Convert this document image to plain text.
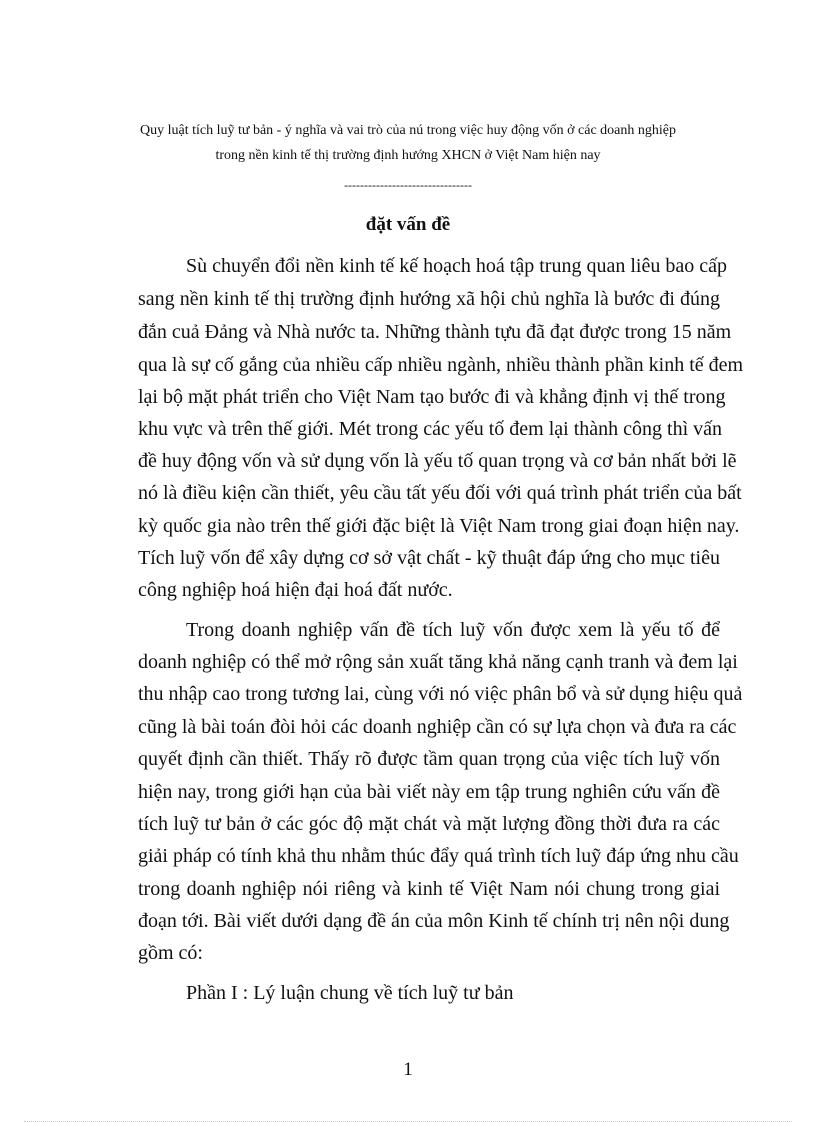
Quy luật tích luỹ tư bản - ý nghĩa và vai trò của nú trong việc huy động vốn ở các doanh nghiệp
trong nền kinh tế thị trường định hướng XHCN ở Việt Nam hiện nay
--------------------------------
đặt vấn đề
Sù chuyển đổi nền kinh tế kế hoạch hoá tập trung quan liêu bao cấp
sang nền kinh tế thị trường định hướng xã hội chủ nghĩa là bước đi đúng
đắn cuả Đảng và Nhà nước ta. Những thành tựu đã đạt được trong 15 năm
qua là sự cố gắng của nhiều cấp nhiều ngành, nhiều thành phần kinh tế đem
lại bộ mặt phát triển cho Việt Nam tạo bước đi và khẳng định vị thế trong
khu vực và trên thế giới. Mét trong các yếu tố đem lại thành công thì vấn
đề huy động vốn và sử dụng vốn là yếu tố quan trọng và cơ bản nhất bởi lẽ
nó là điều kiện cần thiết, yêu cầu tất yếu đối với quá trình phát triển của bất
kỳ quốc gia nào trên thế giới đặc biệt là Việt Nam trong giai đoạn hiện nay.
Tích luỹ vốn để xây dựng cơ sở vật chất - kỹ thuật đáp ứng cho mục tiêu
công nghiệp hoá hiện đại hoá đất nước.
Trong doanh nghiệp vấn đề tích luỹ vốn được xem là yếu tố để
doanh nghiệp có thể mở rộng sản xuất tăng khả năng cạnh tranh và đem lại
thu nhập cao trong tương lai, cùng với nó việc phân bổ và sử dụng hiệu quả
cũng là bài toán đòi hỏi các doanh nghiệp cần có sự lựa chọn và đưa ra các
quyết định cần thiết. Thấy rõ được tầm quan trọng của việc tích luỹ vốn
hiện nay, trong giới hạn của bài viết này em tập trung nghiên cứu vấn đề
tích luỹ tư bản ở các góc độ mặt chát và mặt lượng đồng thời đưa ra các
giải pháp có tính khả thu nhằm thúc đẩy quá trình tích luỹ đáp ứng nhu cầu
trong doanh nghiệp nói riêng và kinh tế Việt Nam nói chung trong giai
đoạn tới. Bài viết dưới dạng đề án của môn Kinh tế chính trị nên nội dung
gồm có:
Phần I : Lý luận chung về tích luỹ tư bản
1
